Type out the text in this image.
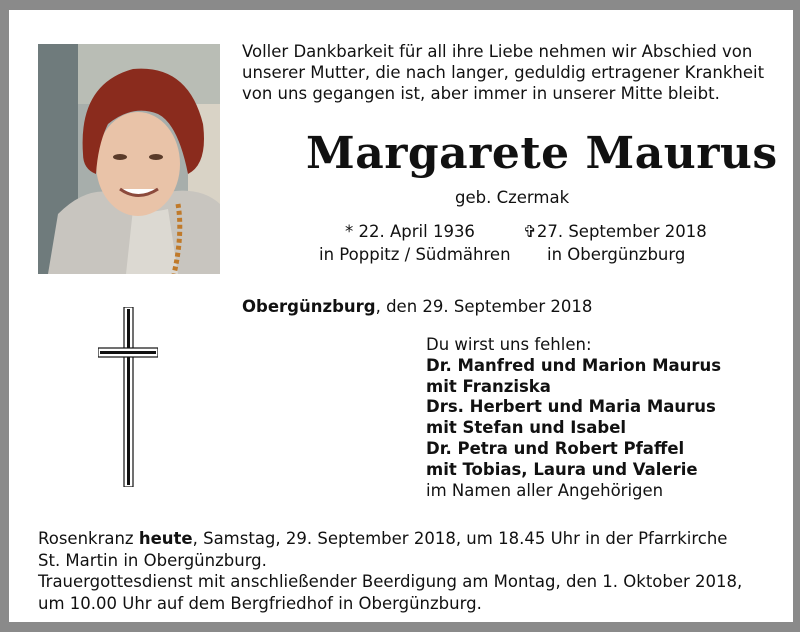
Voller Dankbarkeit für all ihre Liebe nehmen wir Abschied von
unserer Mutter, die nach langer, geduldig ertragener Krankheit
von uns gegangen ist, aber immer in unserer Mitte bleibt.
Margarete Maurus
geb. Czermak
* 22. April 1936
in Poppitz / Südmähren
✞27. September 2018
in Obergünzburg
Obergünzburg, den 29. September 2018
Du wirst uns fehlen:
Dr. Manfred und Marion Maurus
mit Franziska
Drs. Herbert und Maria Maurus
mit Stefan und Isabel
Dr. Petra und Robert Pfaffel
mit Tobias, Laura und Valerie
im Namen aller Angehörigen
Rosenkranz heute, Samstag, 29. September 2018, um 18.45 Uhr in der Pfarrkirche
St. Martin in Obergünzburg.
Trauergottesdienst mit anschließender Beerdigung am Montag, den 1. Oktober 2018,
um 10.00 Uhr auf dem Bergfriedhof in Obergünzburg.
